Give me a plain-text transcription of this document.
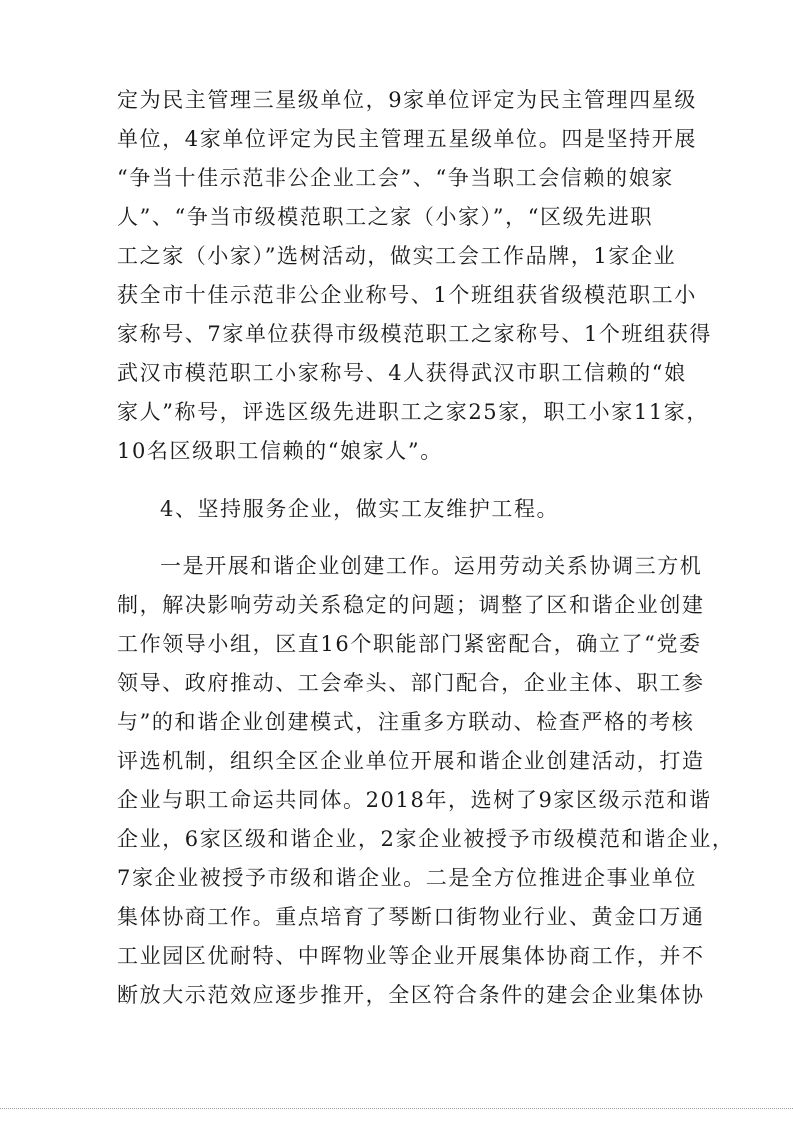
定为民主管理三星级单位，9家单位评定为民主管理四星级
单位，4家单位评定为民主管理五星级单位。四是坚持开展
“争当十佳示范非公企业工会”、“争当职工会信赖的娘家
人”、“争当市级模范职工之家（小家）”，“区级先进职
工之家（小家）”选树活动，做实工会工作品牌，1家企业
获全市十佳示范非公企业称号、1个班组获省级模范职工小
家称号、7家单位获得市级模范职工之家称号、1个班组获得
武汉市模范职工小家称号、4人获得武汉市职工信赖的“娘
家人”称号，评选区级先进职工之家25家，职工小家11家，
10名区级职工信赖的“娘家人”。
4、坚持服务企业，做实工友维护工程。
一是开展和谐企业创建工作。运用劳动关系协调三方机
制，解决影响劳动关系稳定的问题；调整了区和谐企业创建
工作领导小组，区直16个职能部门紧密配合，确立了“党委
领导、政府推动、工会牵头、部门配合，企业主体、职工参
与”的和谐企业创建模式，注重多方联动、检查严格的考核
评选机制，组织全区企业单位开展和谐企业创建活动，打造
企业与职工命运共同体。2018年，选树了9家区级示范和谐
企业，6家区级和谐企业，2家企业被授予市级模范和谐企业，
7家企业被授予市级和谐企业。二是全方位推进企事业单位
集体协商工作。重点培育了琴断口街物业行业、黄金口万通
工业园区优耐特、中晖物业等企业开展集体协商工作，并不
断放大示范效应逐步推开，全区符合条件的建会企业集体协
